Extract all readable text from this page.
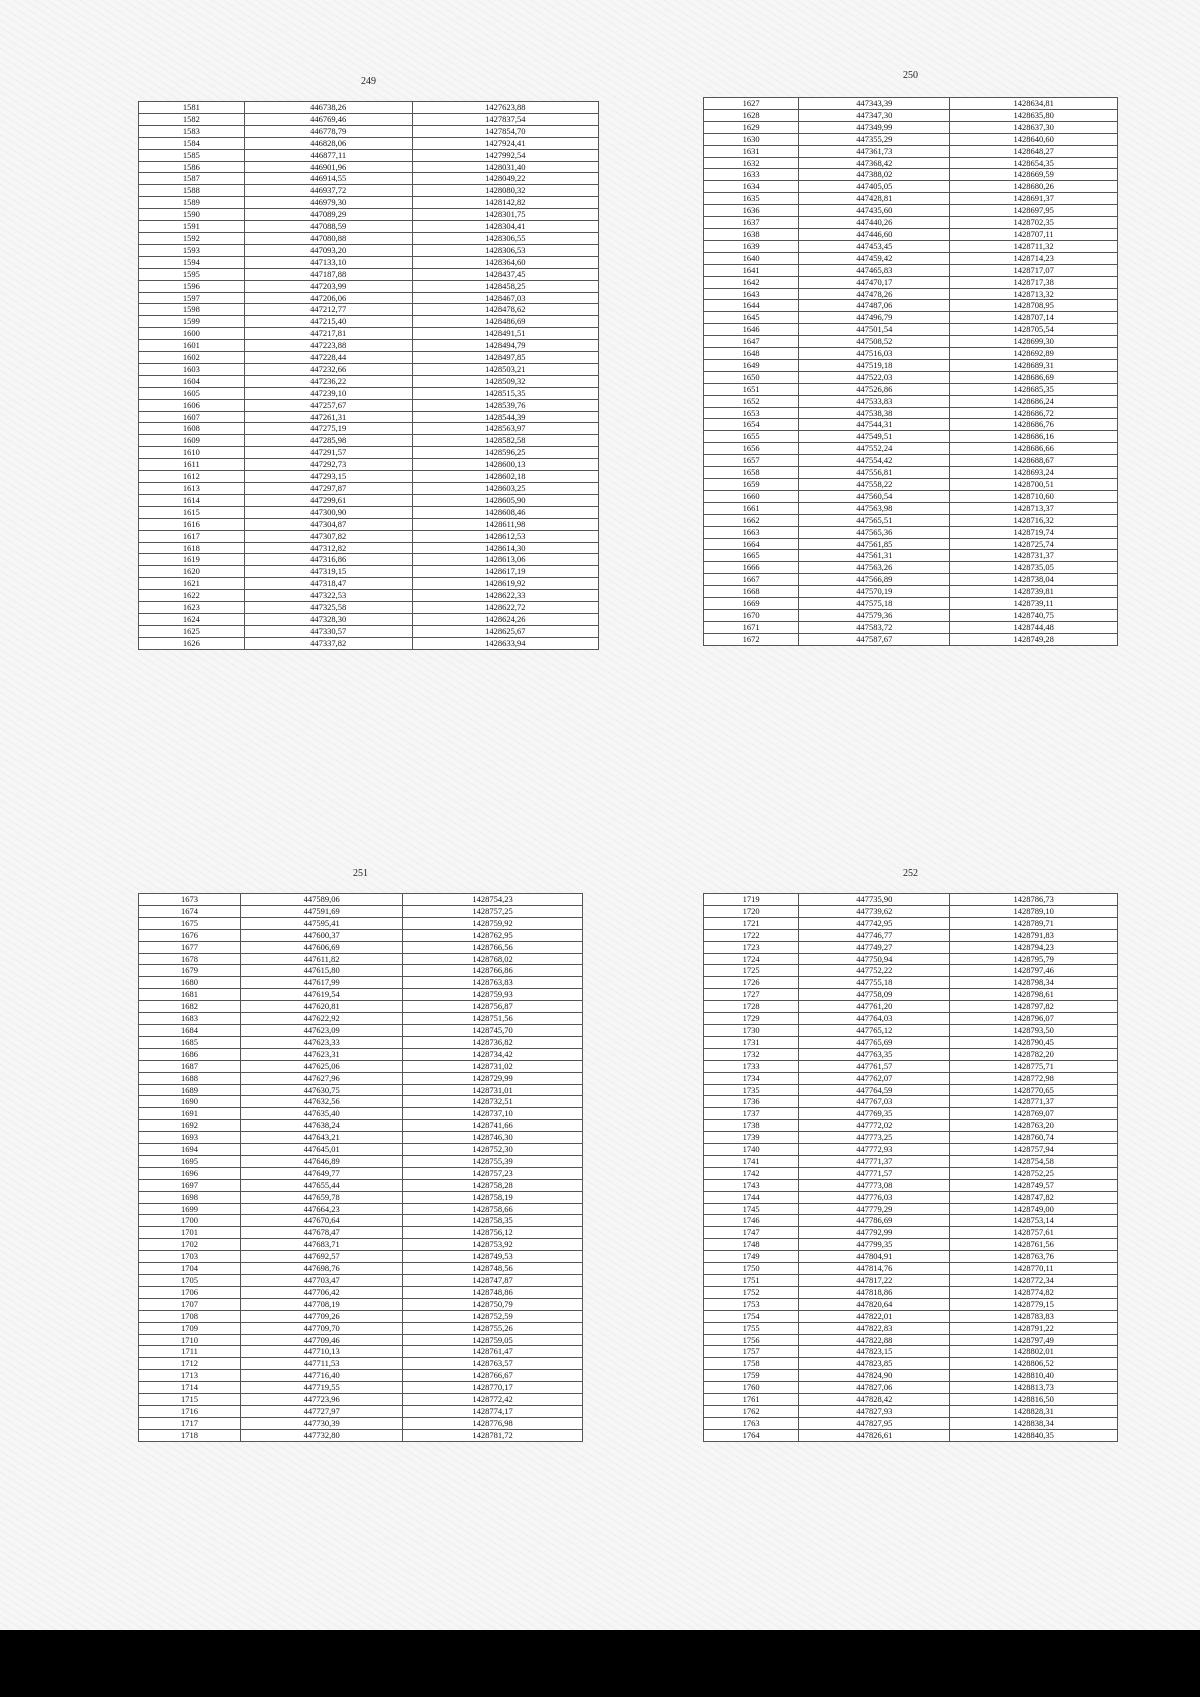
249
1581	446738,26	1427623,88
1582	446769,46	1427837,54
1583	446778,79	1427854,70
1584	446828,06	1427924,41
1585	446877,11	1427992,54
1586	446901,96	1428031,40
1587	446914,55	1428049,22
1588	446937,72	1428080,32
1589	446979,30	1428142,82
1590	447089,29	1428301,75
1591	447088,59	1428304,41
1592	447080,88	1428306,55
1593	447093,20	1428306,53
1594	447133,10	1428364,60
1595	447187,88	1428437,45
1596	447203,99	1428458,25
1597	447206,06	1428467,03
1598	447212,77	1428478,62
1599	447215,40	1428486,69
1600	447217,81	1428491,51
1601	447223,88	1428494,79
1602	447228,44	1428497,85
1603	447232,66	1428503,21
1604	447236,22	1428509,32
1605	447239,10	1428515,35
1606	447257,67	1428539,76
1607	447261,31	1428544,39
1608	447275,19	1428563,97
1609	447285,98	1428582,58
1610	447291,57	1428596,25
1611	447292,73	1428600,13
1612	447293,15	1428602,18
1613	447297,87	1428603,25
1614	447299,61	1428605,90
1615	447300,90	1428608,46
1616	447304,87	1428611,98
1617	447307,82	1428612,53
1618	447312,82	1428614,30
1619	447316,86	1428613,06
1620	447319,15	1428617,19
1621	447318,47	1428619,92
1622	447322,53	1428622,33
1623	447325,58	1428622,72
1624	447328,30	1428624,26
1625	447330,57	1428625,67
1626	447337,82	1428633,94
250
1627	447343,39	1428634,81
1628	447347,30	1428635,80
1629	447349,99	1428637,30
1630	447355,29	1428640,60
1631	447361,73	1428648,27
1632	447368,42	1428654,35
1633	447388,02	1428669,59
1634	447405,05	1428680,26
1635	447428,81	1428691,37
1636	447435,60	1428697,95
1637	447440,26	1428702,35
1638	447446,60	1428707,11
1639	447453,45	1428711,32
1640	447459,42	1428714,23
1641	447465,83	1428717,07
1642	447470,17	1428717,38
1643	447478,26	1428713,32
1644	447487,06	1428708,95
1645	447496,79	1428707,14
1646	447501,54	1428705,54
1647	447508,52	1428699,30
1648	447516,03	1428692,89
1649	447519,18	1428689,31
1650	447522,03	1428686,69
1651	447526,86	1428685,35
1652	447533,83	1428686,24
1653	447538,38	1428686,72
1654	447544,31	1428686,76
1655	447549,51	1428686,16
1656	447552,24	1428686,66
1657	447554,42	1428688,67
1658	447556,81	1428693,24
1659	447558,22	1428700,51
1660	447560,54	1428710,60
1661	447563,98	1428713,37
1662	447565,51	1428716,32
1663	447565,36	1428719,74
1664	447561,85	1428725,74
1665	447561,31	1428731,37
1666	447563,26	1428735,05
1667	447566,89	1428738,04
1668	447570,19	1428739,81
1669	447575,18	1428739,11
1670	447579,36	1428740,75
1671	447583,72	1428744,48
1672	447587,67	1428749,28
251
1673	447589,06	1428754,23
1674	447591,69	1428757,25
1675	447595,41	1428759,92
1676	447600,37	1428762,95
1677	447606,69	1428766,56
1678	447611,82	1428768,02
1679	447615,80	1428766,86
1680	447617,99	1428763,83
1681	447619,54	1428759,93
1682	447620,81	1428756,87
1683	447622,92	1428751,56
1684	447623,09	1428745,70
1685	447623,33	1428736,82
1686	447623,31	1428734,42
1687	447625,06	1428731,02
1688	447627,96	1428729,99
1689	447630,75	1428731,01
1690	447632,56	1428732,51
1691	447635,40	1428737,10
1692	447638,24	1428741,66
1693	447643,21	1428746,30
1694	447645,01	1428752,30
1695	447646,89	1428755,39
1696	447649,77	1428757,23
1697	447655,44	1428758,28
1698	447659,78	1428758,19
1699	447664,23	1428758,66
1700	447670,64	1428758,35
1701	447678,47	1428756,12
1702	447683,71	1428753,92
1703	447692,57	1428749,53
1704	447698,76	1428748,56
1705	447703,47	1428747,87
1706	447706,42	1428748,86
1707	447708,19	1428750,79
1708	447709,26	1428752,59
1709	447709,70	1428755,26
1710	447709,46	1428759,05
1711	447710,13	1428761,47
1712	447711,53	1428763,57
1713	447716,40	1428766,67
1714	447719,55	1428770,17
1715	447723,96	1428772,42
1716	447727,97	1428774,17
1717	447730,39	1428776,98
1718	447732,80	1428781,72
252
1719	447735,90	1428786,73
1720	447739,62	1428789,10
1721	447742,95	1428789,71
1722	447746,77	1428791,83
1723	447749,27	1428794,23
1724	447750,94	1428795,79
1725	447752,22	1428797,46
1726	447755,18	1428798,34
1727	447758,09	1428798,61
1728	447761,20	1428797,82
1729	447764,03	1428796,07
1730	447765,12	1428793,50
1731	447765,69	1428790,45
1732	447763,35	1428782,20
1733	447761,57	1428775,71
1734	447762,07	1428772,98
1735	447764,59	1428770,65
1736	447767,03	1428771,37
1737	447769,35	1428769,07
1738	447772,02	1428763,20
1739	447773,25	1428760,74
1740	447772,93	1428757,94
1741	447771,37	1428754,58
1742	447771,57	1428752,25
1743	447773,08	1428749,57
1744	447776,03	1428747,82
1745	447779,29	1428749,00
1746	447786,69	1428753,14
1747	447792,99	1428757,61
1748	447799,35	1428761,56
1749	447804,91	1428763,76
1750	447814,76	1428770,11
1751	447817,22	1428772,34
1752	447818,86	1428774,82
1753	447820,64	1428779,15
1754	447822,01	1428783,83
1755	447822,83	1428791,22
1756	447822,88	1428797,49
1757	447823,15	1428802,01
1758	447823,85	1428806,52
1759	447824,90	1428810,40
1760	447827,06	1428813,73
1761	447828,42	1428816,50
1762	447827,93	1428828,31
1763	447827,95	1428838,34
1764	447826,61	1428840,35
